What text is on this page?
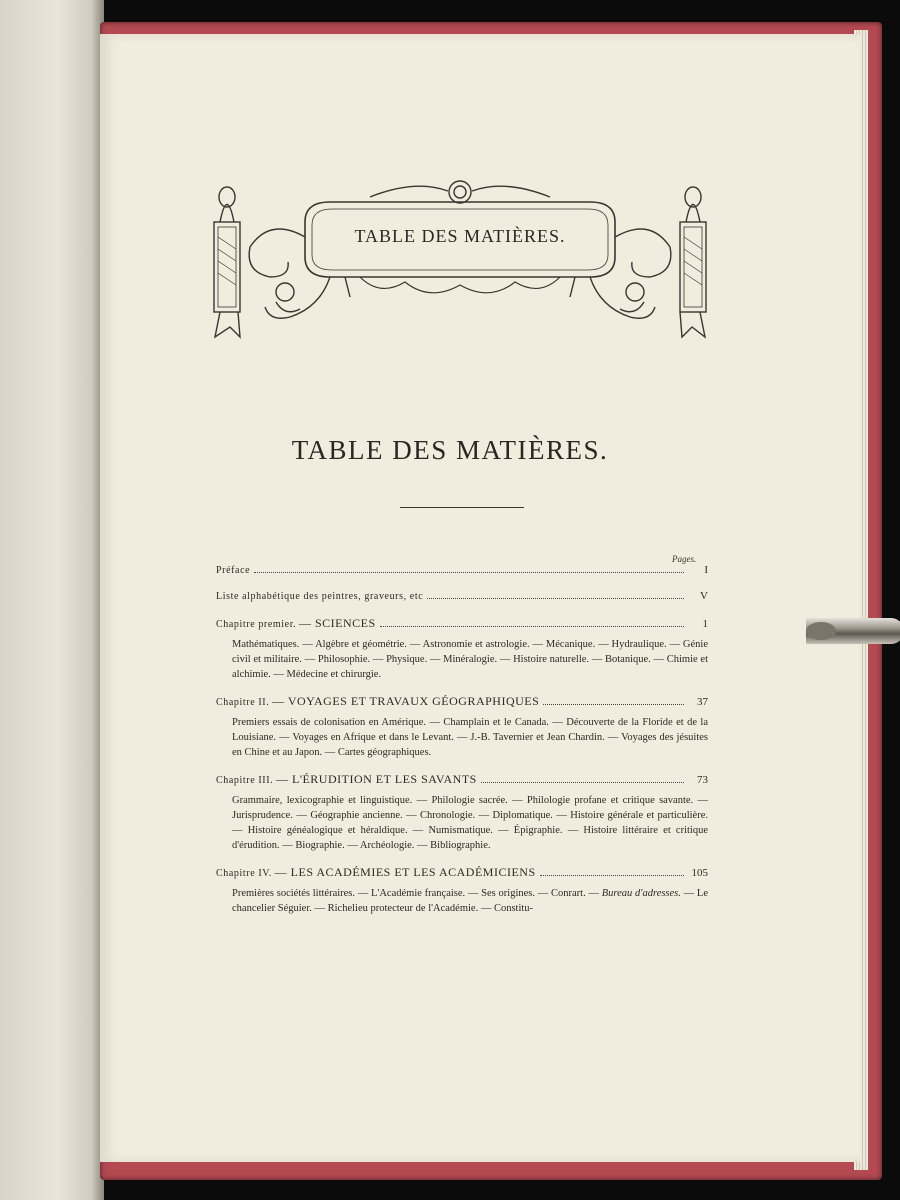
TABLE DES MATIÈRES.
TABLE DES MATIÈRES.
Pages.
Préface	I
Liste alphabétique des peintres, graveurs, etc	V
Chapitre premier.
— SCIENCES	1
Mathématiques. — Algèbre et géométrie. — Astronomie et astrologie. — Mécanique. — Hydraulique. — Génie civil et militaire. — Philosophie. — Physique. — Minéralogie. — Histoire naturelle. — Botanique. — Chimie et alchimie. — Médecine et chirurgie.
Chapitre II.
— VOYAGES ET TRAVAUX GÉOGRAPHIQUES	37
Premiers essais de colonisation en Amérique. — Champlain et le Canada. — Découverte de la Floride et de la Louisiane. — Voyages en Afrique et dans le Levant. — J.-B. Tavernier et Jean Chardin. — Voyages des jésuites en Chine et au Japon. — Cartes géographiques.
Chapitre III.
— L'ÉRUDITION ET LES SAVANTS	73
Grammaire, lexicographie et linguistique. — Philologie sacrée. — Philologie profane et critique savante. — Jurisprudence. — Géographie ancienne. — Chronologie. — Diplomatique. — Histoire générale et particulière. — Histoire généalogique et héraldique. — Numismatique. — Épigraphie. — Histoire littéraire et critique d'érudition. — Biographie. — Archéologie. — Bibliographie.
Chapitre IV.
— LES ACADÉMIES ET LES ACADÉMICIENS	105
Premières sociétés littéraires. — L'Académie française. — Ses origines. — Conrart. — Bureau d'adresses. — Le chancelier Séguier. — Richelieu protecteur de l'Académie. — Constitu-
